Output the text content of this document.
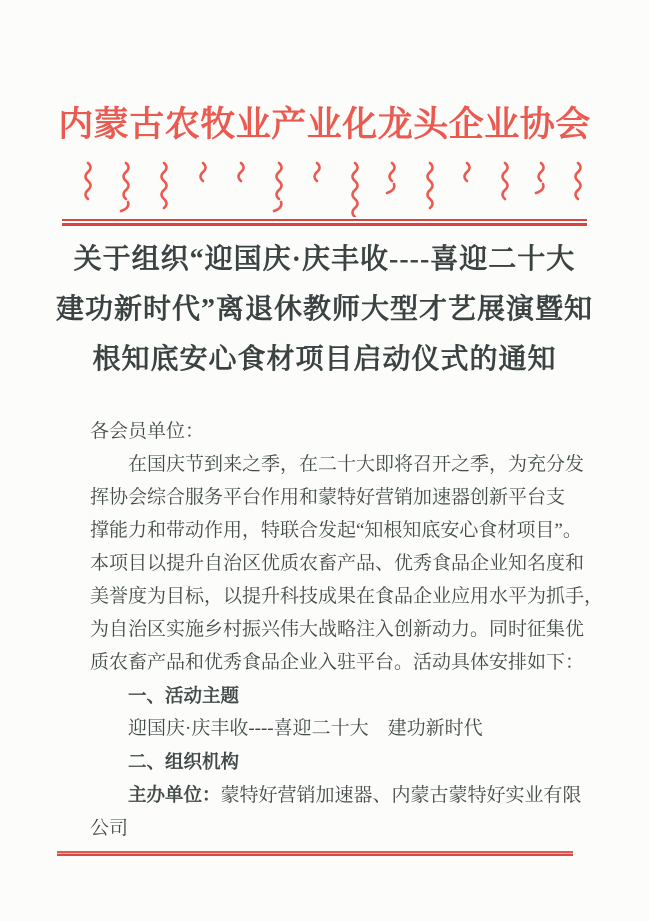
内蒙古农牧业产业化龙头企业协会
关于组织“迎国庆·庆丰收----喜迎二十大
建功新时代”离退休教师大型才艺展演暨知
根知底安心食材项目启动仪式的通知
各会员单位：
在国庆节到来之季，在二十大即将召开之季，为充分发
挥协会综合服务平台作用和蒙特好营销加速器创新平台支
撑能力和带动作用，特联合发起“知根知底安心食材项目”。
本项目以提升自治区优质农畜产品、优秀食品企业知名度和
美誉度为目标，以提升科技成果在食品企业应用水平为抓手，
为自治区实施乡村振兴伟大战略注入创新动力。同时征集优
质农畜产品和优秀食品企业入驻平台。活动具体安排如下：
一、活动主题
迎国庆·庆丰收----喜迎二十大　建功新时代
二、组织机构
主办单位：蒙特好营销加速器、内蒙古蒙特好实业有限
公司
